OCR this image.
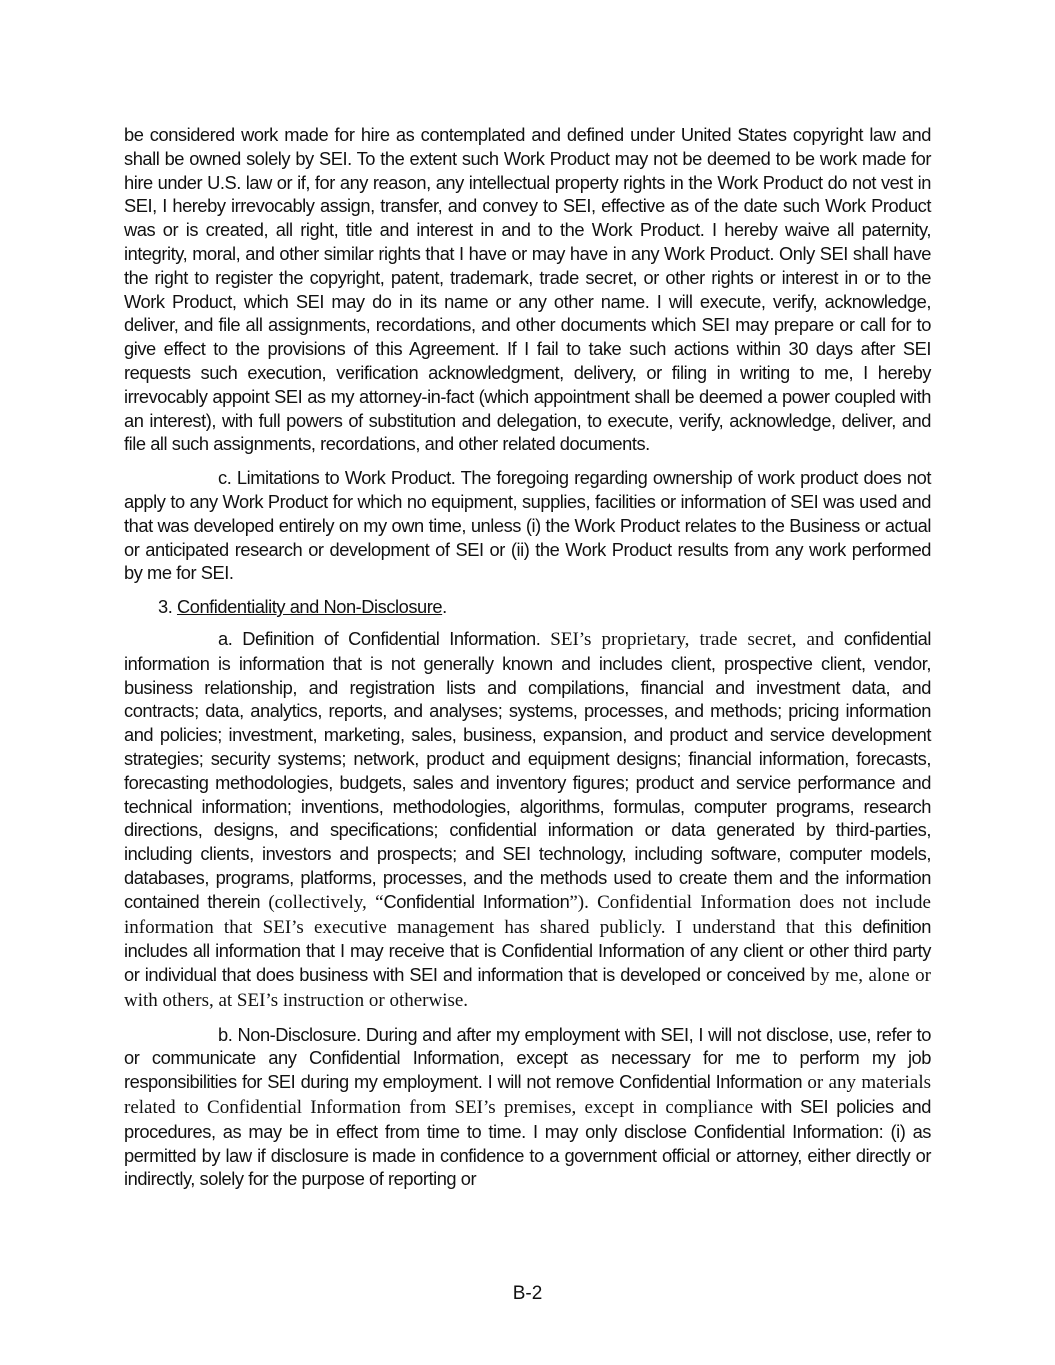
be considered work made for hire as contemplated and defined under United States copyright law and shall be owned solely by SEI. To the extent such Work Product may not be deemed to be work made for hire under U.S. law or if, for any reason, any intellectual property rights in the Work Product do not vest in SEI, I hereby irrevocably assign, transfer, and convey to SEI, effective as of the date such Work Product was or is created, all right, title and interest in and to the Work Product. I hereby waive all paternity, integrity, moral, and other similar rights that I have or may have in any Work Product. Only SEI shall have the right to register the copyright, patent, trademark, trade secret, or other rights or interest in or to the Work Product, which SEI may do in its name or any other name. I will execute, verify, acknowledge, deliver, and file all assignments, recordations, and other documents which SEI may prepare or call for to give effect to the provisions of this Agreement. If I fail to take such actions within 30 days after SEI requests such execution, verification acknowledgment, delivery, or filing in writing to me, I hereby irrevocably appoint SEI as my attorney-in-fact (which appointment shall be deemed a power coupled with an interest), with full powers of substitution and delegation, to execute, verify, acknowledge, deliver, and file all such assignments, recordations, and other related documents.

c. Limitations to Work Product. The foregoing regarding ownership of work product does not apply to any Work Product for which no equipment, supplies, facilities or information of SEI was used and that was developed entirely on my own time, unless (i) the Work Product relates to the Business or actual or anticipated research or development of SEI or (ii) the Work Product results from any work performed by me for SEI.

3. Confidentiality and Non-Disclosure.

a. Definition of Confidential Information. SEI’s proprietary, trade secret, and confidential information is information that is not generally known and includes client, prospective client, vendor, business relationship, and registration lists and compilations, financial and investment data, and contracts; data, analytics, reports, and analyses; systems, processes, and methods; pricing information and policies; investment, marketing, sales, business, expansion, and product and service development strategies; security systems; network, product and equipment designs; financial information, forecasts, forecasting methodologies, budgets, sales and inventory figures; product and service performance and technical information; inventions, methodologies, algorithms, formulas, computer programs, research directions, designs, and specifications; confidential information or data generated by third-parties, including clients, investors and prospects; and SEI technology, including software, computer models, databases, programs, platforms, processes, and the methods used to create them and the information contained therein (collectively, “Confidential Information”). Confidential Information does not include information that SEI’s executive management has shared publicly. I understand that this definition includes all information that I may receive that is Confidential Information of any client or other third party or individual that does business with SEI and information that is developed or conceived by me, alone or with others, at SEI’s instruction or otherwise.

b. Non-Disclosure. During and after my employment with SEI, I will not disclose, use, refer to or communicate any Confidential Information, except as necessary for me to perform my job responsibilities for SEI during my employment. I will not remove Confidential Information or any materials related to Confidential Information from SEI’s premises, except in compliance with SEI policies and procedures, as may be in effect from time to time. I may only disclose Confidential Information: (i) as permitted by law if disclosure is made in confidence to a government official or attorney, either directly or indirectly, solely for the purpose of reporting or

B-2
